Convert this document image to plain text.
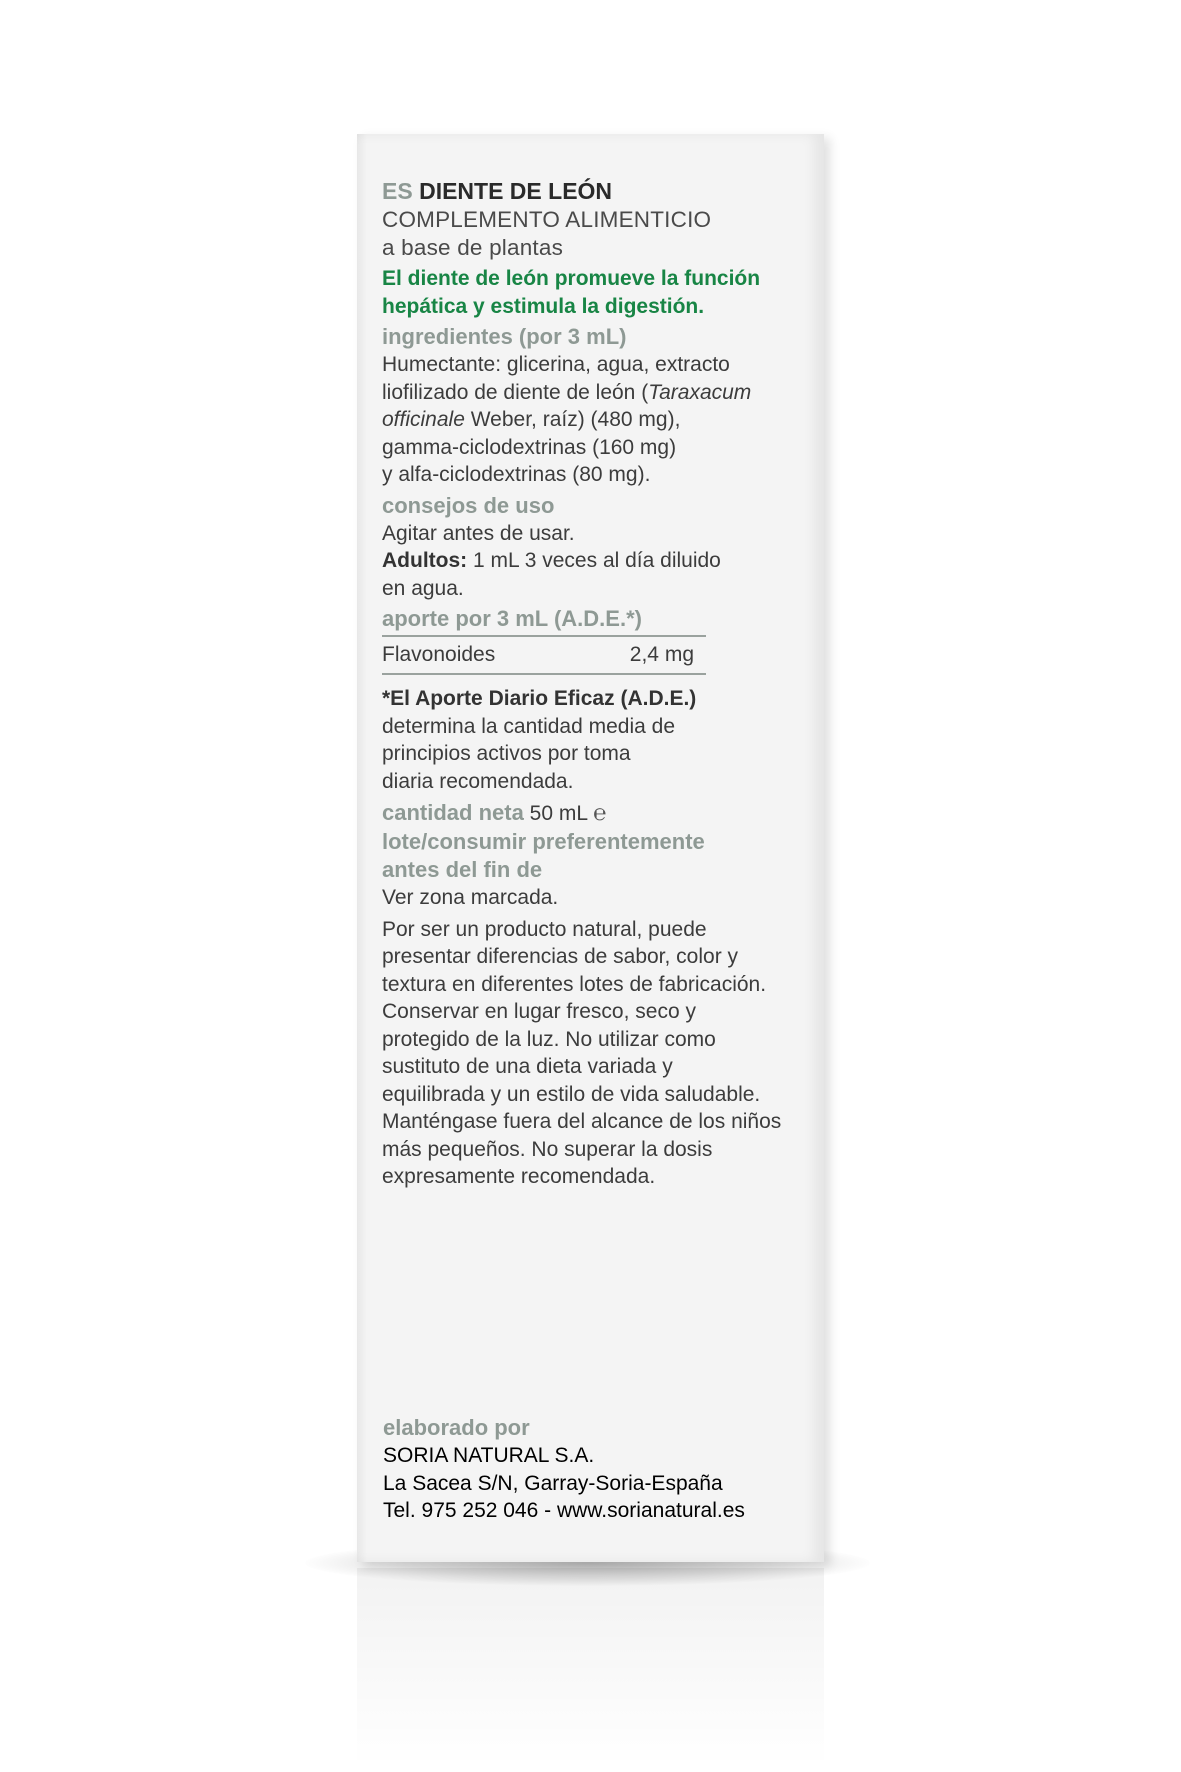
ES DIENTE DE LEÓN
COMPLEMENTO ALIMENTICIO
a base de plantas
El diente de león promueve la función
hepática y estimula la digestión.
ingredientes (por 3 mL)
Humectante: glicerina, agua, extracto
liofilizado de diente de león (Taraxacum
officinale Weber, raíz) (480 mg),
gamma-ciclodextrinas (160 mg)
y alfa-ciclodextrinas (80 mg).
consejos de uso
Agitar antes de usar.
Adultos: 1 mL 3 veces al día diluido
en agua.
aporte por 3 mL (A.D.E.*)
Flavonoides	2,4 mg
*El Aporte Diario Eficaz (A.D.E.)
determina la cantidad media de
principios activos por toma
diaria recomendada.
cantidad neta 50 mL ℮
lote/consumir preferentemente
antes del fin de
Ver zona marcada.
Por ser un producto natural, puede
presentar diferencias de sabor, color y
textura en diferentes lotes de fabricación.
Conservar en lugar fresco, seco y
protegido de la luz. No utilizar como
sustituto de una dieta variada y
equilibrada y un estilo de vida saludable.
Manténgase fuera del alcance de los niños
más pequeños. No superar la dosis
expresamente recomendada.
elaborado por
SORIA NATURAL S.A.
La Sacea S/N, Garray-Soria-España
Tel. 975 252 046 - www.sorianatural.es
